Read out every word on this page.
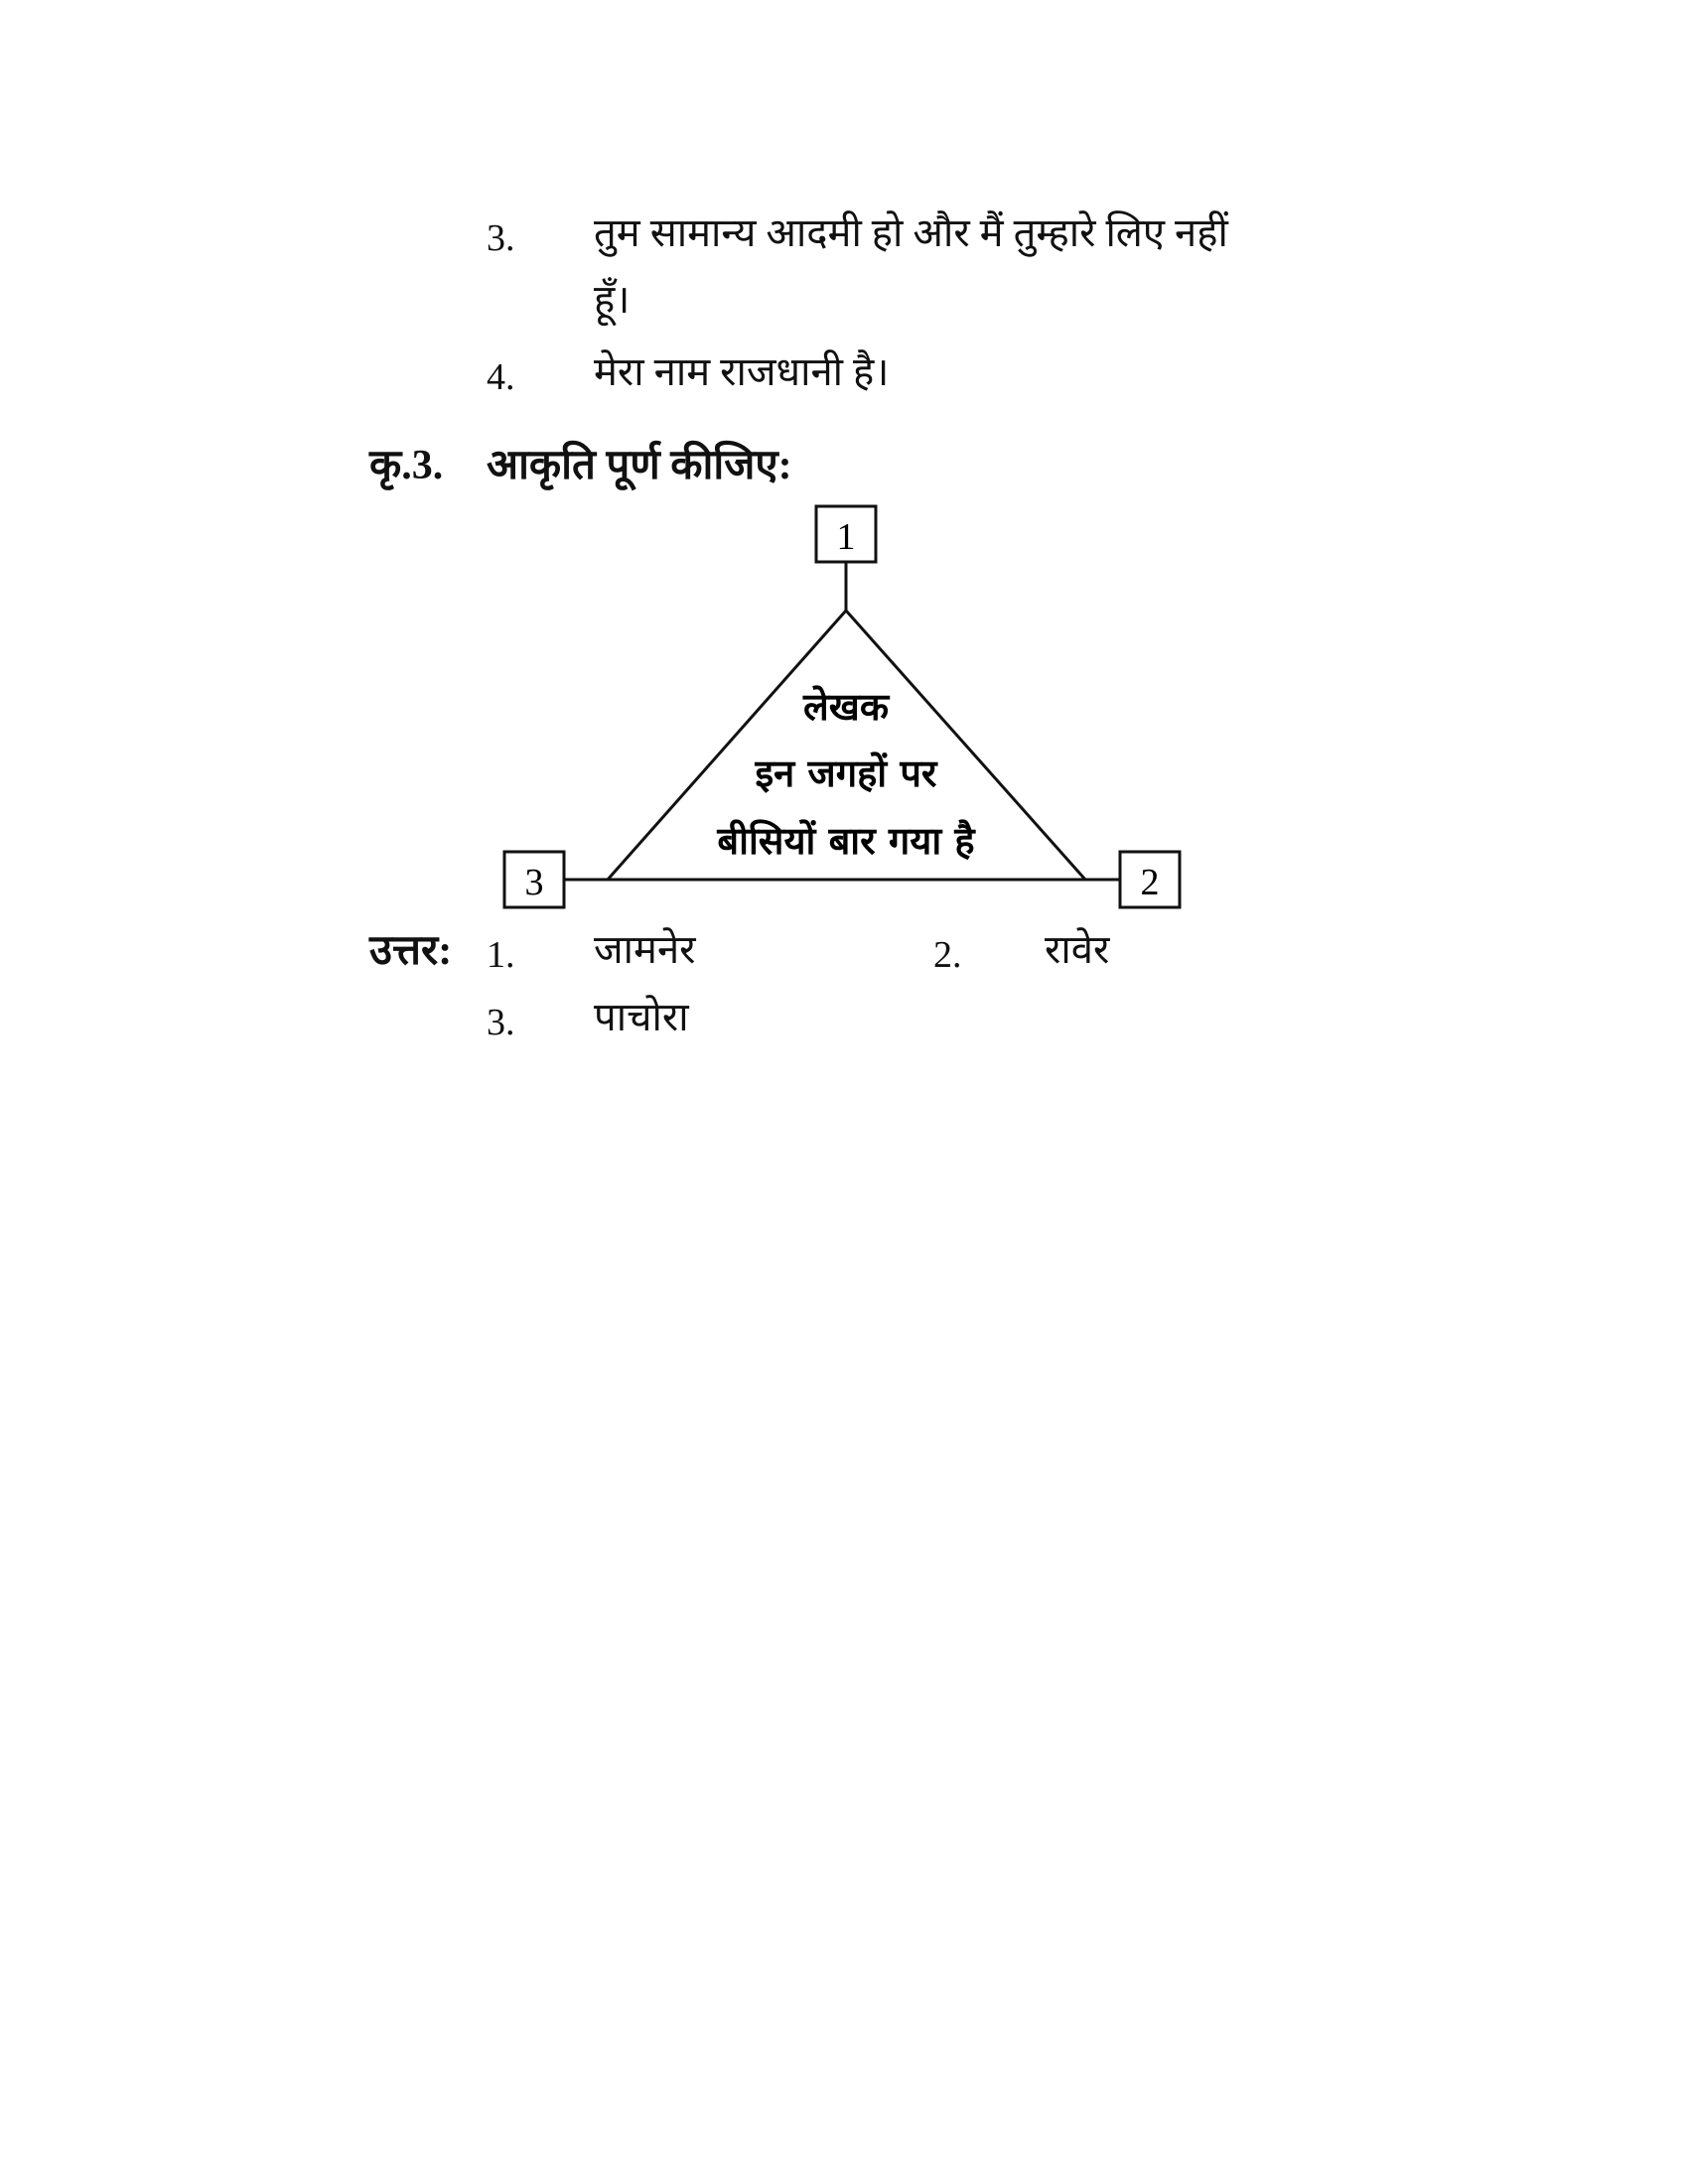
3. तुम सामान्य आदमी हो और मैं तुम्हारे लिए नहीं
हूँ।
4. मेरा नाम राजधानी है।
कृ.3. आकृति पूर्ण कीजिए:
1
3	2
लेखक
इन जगहों पर
बीसियों बार गया है
उत्तर: 1. जामनेर	2. रावेर
3. पाचोरा
